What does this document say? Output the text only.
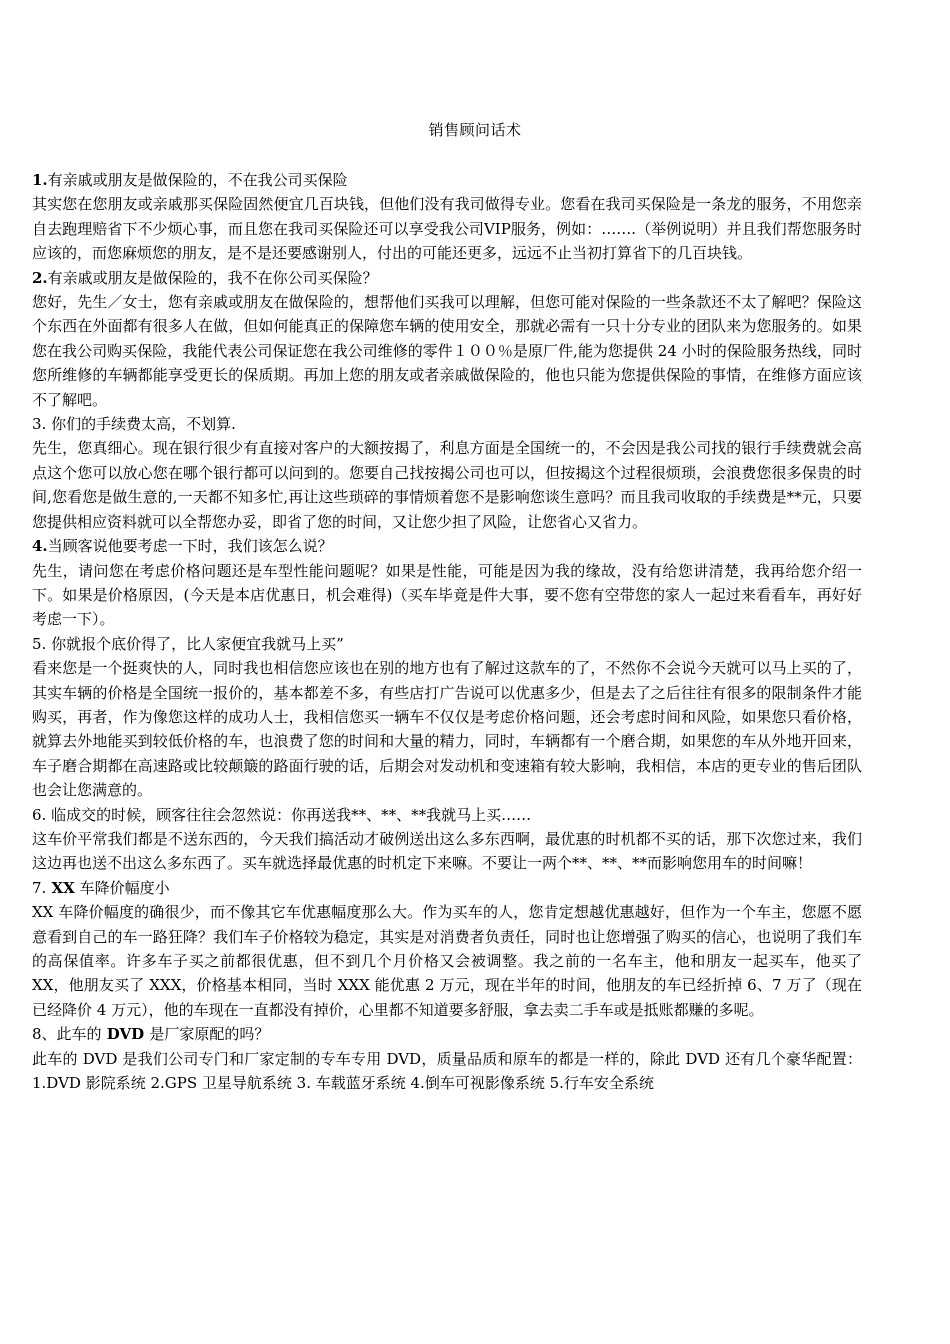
销售顾问话术

1.有亲戚或朋友是做保险的，不在我公司买保险

其实您在您朋友或亲戚那买保险固然便宜几百块钱，但他们没有我司做得专业。您看在我司买保险是一条龙的服务，不用您亲自去跑理赔省下不少烦心事，而且您在我司买保险还可以享受我公司VIP服务，例如：…….（举例说明）并且我们帮您服务时应该的，而您麻烦您的朋友，是不是还要感谢别人，付出的可能还更多，远远不止当初打算省下的几百块钱。

2.有亲戚或朋友是做保险的，我不在你公司买保险？

您好，先生／女士，您有亲戚或朋友在做保险的，想帮他们买我可以理解，但您可能对保险的一些条款还不太了解吧？保险这个东西在外面都有很多人在做，但如何能真正的保障您车辆的使用安全，那就必需有一只十分专业的团队来为您服务的。如果您在我公司购买保险，我能代表公司保证您在我公司维修的零件１００％是原厂件,能为您提供 24 小时的保险服务热线，同时您所维修的车辆都能享受更长的保质期。再加上您的朋友或者亲戚做保险的，他也只能为您提供保险的事情，在维修方面应该不了解吧。

3. 你们的手续费太高，不划算.

先生，您真细心。现在银行很少有直接对客户的大额按揭了，利息方面是全国统一的，不会因是我公司找的银行手续费就会高点这个您可以放心您在哪个银行都可以问到的。您要自己找按揭公司也可以，但按揭这个过程很烦琐，会浪费您很多保贵的时间,您看您是做生意的,一天都不知多忙,再让这些琐碎的事情烦着您不是影响您谈生意吗？而且我司收取的手续费是**元，只要您提供相应资料就可以全帮您办妥，即省了您的时间，又让您少担了风险，让您省心又省力。

4.当顾客说他要考虑一下时，我们该怎么说？

先生，请问您在考虑价格问题还是车型性能问题呢？如果是性能，可能是因为我的缘故，没有给您讲清楚，我再给您介绍一下。如果是价格原因，(今天是本店优惠日，机会难得)（买车毕竟是件大事，要不您有空带您的家人一起过来看看车，再好好考虑一下）。

5. 你就报个底价得了，比人家便宜我就马上买”

看来您是一个挺爽快的人，同时我也相信您应该也在别的地方也有了解过这款车的了，不然你不会说今天就可以马上买的了，其实车辆的价格是全国统一报价的，基本都差不多，有些店打广告说可以优惠多少，但是去了之后往往有很多的限制条件才能购买，再者，作为像您这样的成功人士，我相信您买一辆车不仅仅是考虑价格问题，还会考虑时间和风险，如果您只看价格，就算去外地能买到较低价格的车，也浪费了您的时间和大量的精力，同时，车辆都有一个磨合期，如果您的车从外地开回来，车子磨合期都在高速路或比较颠簸的路面行驶的话，后期会对发动机和变速箱有较大影响，我相信，本店的更专业的售后团队也会让您满意的。

6. 临成交的时候，顾客往往会忽然说：你再送我**、**、**我就马上买……

这车价平常我们都是不送东西的，今天我们搞活动才破例送出这么多东西啊，最优惠的时机都不买的话，那下次您过来，我们这边再也送不出这么多东西了。买车就选择最优惠的时机定下来嘛。不要让一两个**、**、**而影响您用车的时间嘛！

7. XX 车降价幅度小

XX 车降价幅度的确很少，而不像其它车优惠幅度那么大。作为买车的人，您肯定想越优惠越好，但作为一个车主，您愿不愿意看到自己的车一路狂降？我们车子价格较为稳定，其实是对消费者负责任，同时也让您增强了购买的信心，也说明了我们车的高保值率。许多车子买之前都很优惠，但不到几个月价格又会被调整。我之前的一名车主，他和朋友一起买车，他买了 XX，他朋友买了 XXX，价格基本相同，当时 XXX 能优惠 2 万元，现在半年的时间，他朋友的车已经折掉 6、7 万了（现在已经降价 4 万元），他的车现在一直都没有掉价，心里都不知道要多舒服，拿去卖二手车或是抵账都赚的多呢。

8、此车的 DVD 是厂家原配的吗？

此车的 DVD 是我们公司专门和厂家定制的专车专用 DVD，质量品质和原车的都是一样的，除此 DVD 还有几个豪华配置：1.DVD 影院系统 2.GPS 卫星导航系统 3. 车载蓝牙系统 4.倒车可视影像系统 5.行车安全系统
